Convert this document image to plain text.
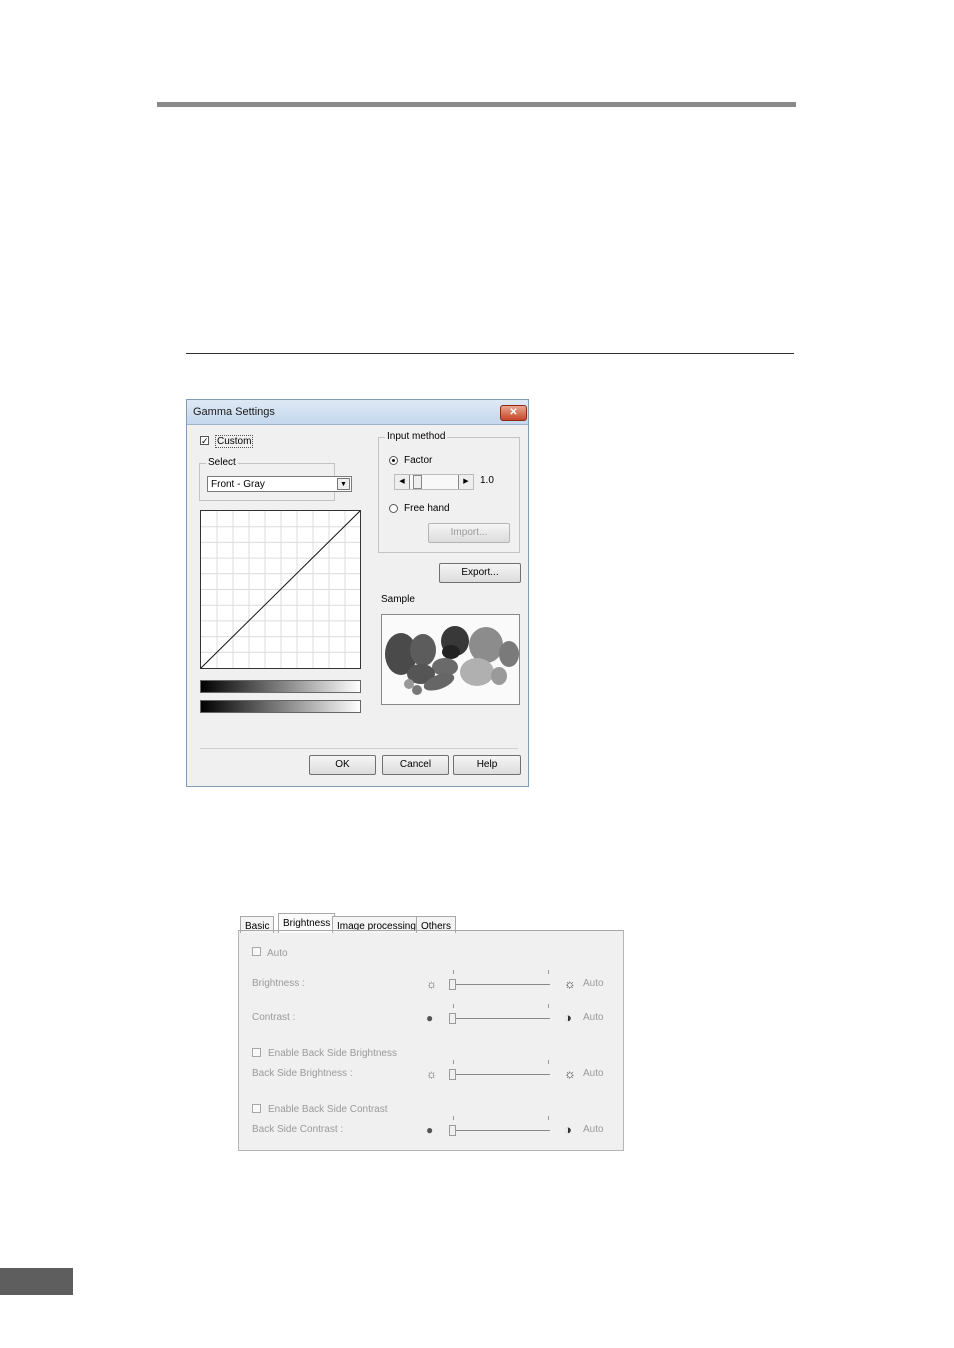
Gamma Settings	✕
✓ Custom
Select
Front - Gray	▼
Input method
Factor
◀	▶	1.0
Free hand
Import...
Export...
Sample
OK	Cancel	Help
Basic	Brightness Image processing Others
Auto
Brightness :	☼	☼ Auto
Contrast :	●	◑ Auto
Enable Back Side Brightness
Back Side Brightness :	☼	☼ Auto
Enable Back Side Contrast
Back Side Contrast :	●	◑ Auto
